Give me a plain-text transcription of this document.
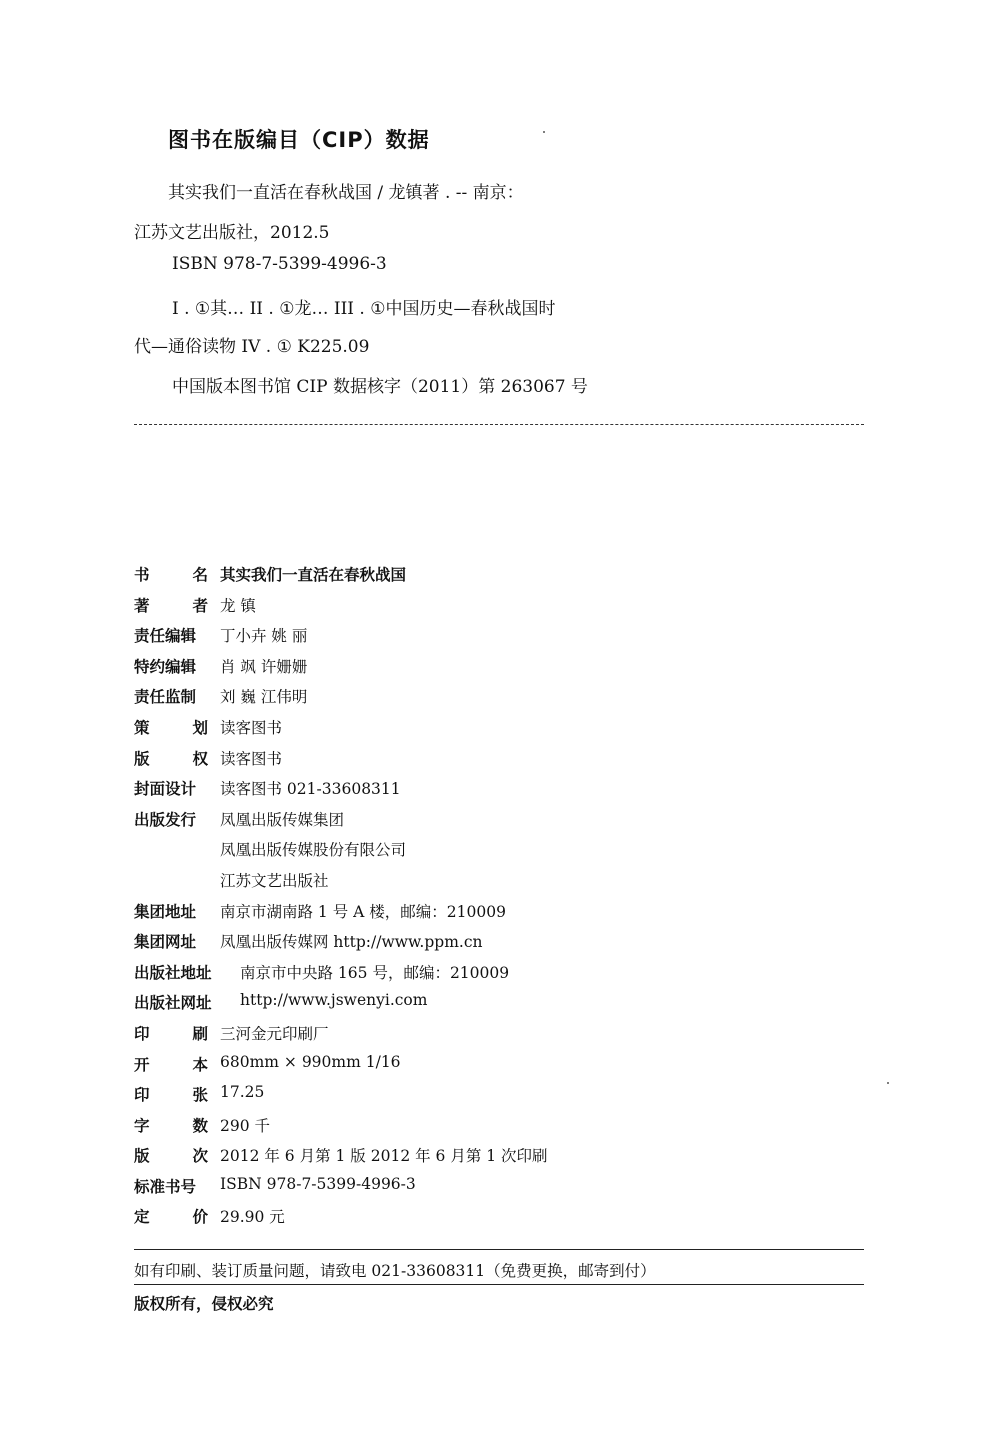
图书在版编目（CIP）数据
其实我们一直活在春秋战国 / 龙镇著 . -- 南京：
江苏文艺出版社，2012.5
ISBN 978-7-5399-4996-3
I . ①其… II . ①龙… III . ①中国历史—春秋战国时
代—通俗读物 IV . ① K225.09
中国版本图书馆 CIP 数据核字（2011）第 263067 号
书	名 其实我们一直活在春秋战国
著	者 龙 镇
责任编辑	丁小卉 姚 丽
特约编辑	肖 飒 许姗姗
责任监制	刘 巍 江伟明
策	划 读客图书
版	权 读客图书
封面设计	读客图书 021-33608311
出版发行	凤凰出版传媒集团
凤凰出版传媒股份有限公司
江苏文艺出版社
集团地址	南京市湖南路 1 号 A 楼，邮编：210009
集团网址	凤凰出版传媒网 http://www.ppm.cn
出版社地址	南京市中央路 165 号，邮编：210009
出版社网址	http://www.jswenyi.com
印	刷 三河金元印刷厂
开	本 680mm × 990mm 1/16
印	张 17.25
字	数 290 千
版	次 2012 年 6 月第 1 版 2012 年 6 月第 1 次印刷
标准书号	ISBN 978-7-5399-4996-3
定	价 29.90 元
如有印刷、装订质量问题，请致电 021-33608311（免费更换，邮寄到付）
版权所有，侵权必究
